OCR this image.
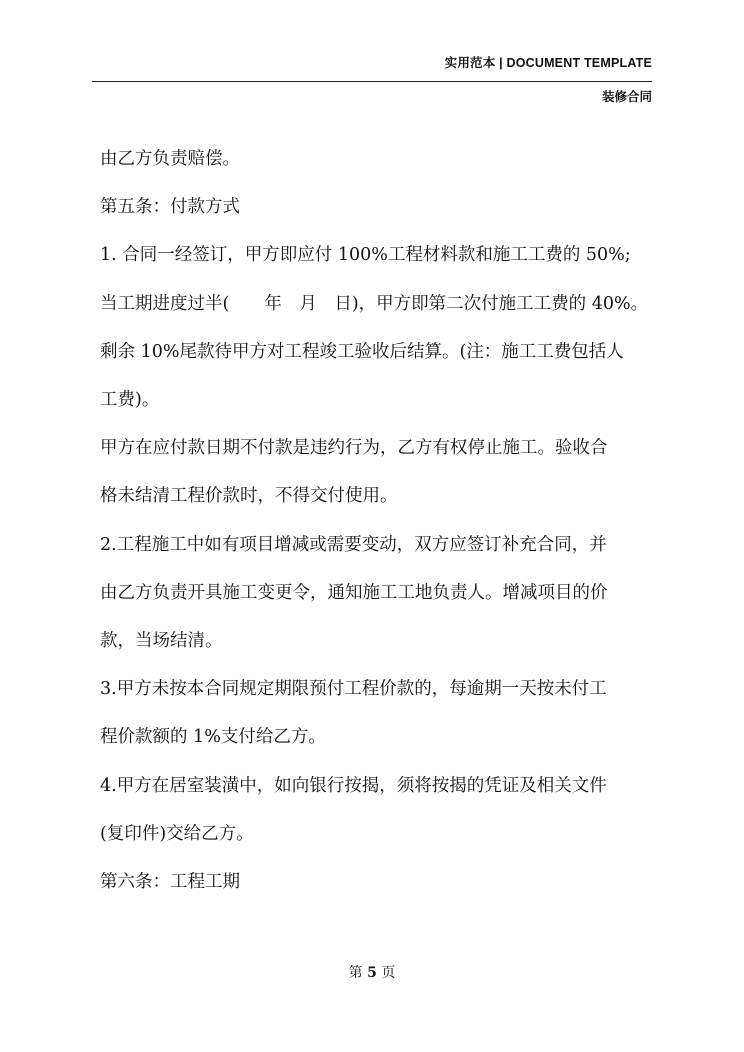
实用范本 | DOCUMENT TEMPLATE
装修合同

由乙方负责赔偿。

第五条：付款方式

1. 合同一经签订，甲方即应付 100%工程材料款和施工工费的 50%;

当工期进度过半(　　年　月　日)，甲方即第二次付施工工费的 40%。

剩余 10%尾款待甲方对工程竣工验收后结算。(注：施工工费包括人

工费)。

甲方在应付款日期不付款是违约行为，乙方有权停止施工。验收合

格未结清工程价款时，不得交付使用。

2.工程施工中如有项目增减或需要变动，双方应签订补充合同，并

由乙方负责开具施工变更令，通知施工工地负责人。增减项目的价

款，当场结清。

3.甲方未按本合同规定期限预付工程价款的，每逾期一天按未付工

程价款额的 1%支付给乙方。

4.甲方在居室装潢中，如向银行按揭，须将按揭的凭证及相关文件

(复印件)交给乙方。

第六条：工程工期

第 5 页
